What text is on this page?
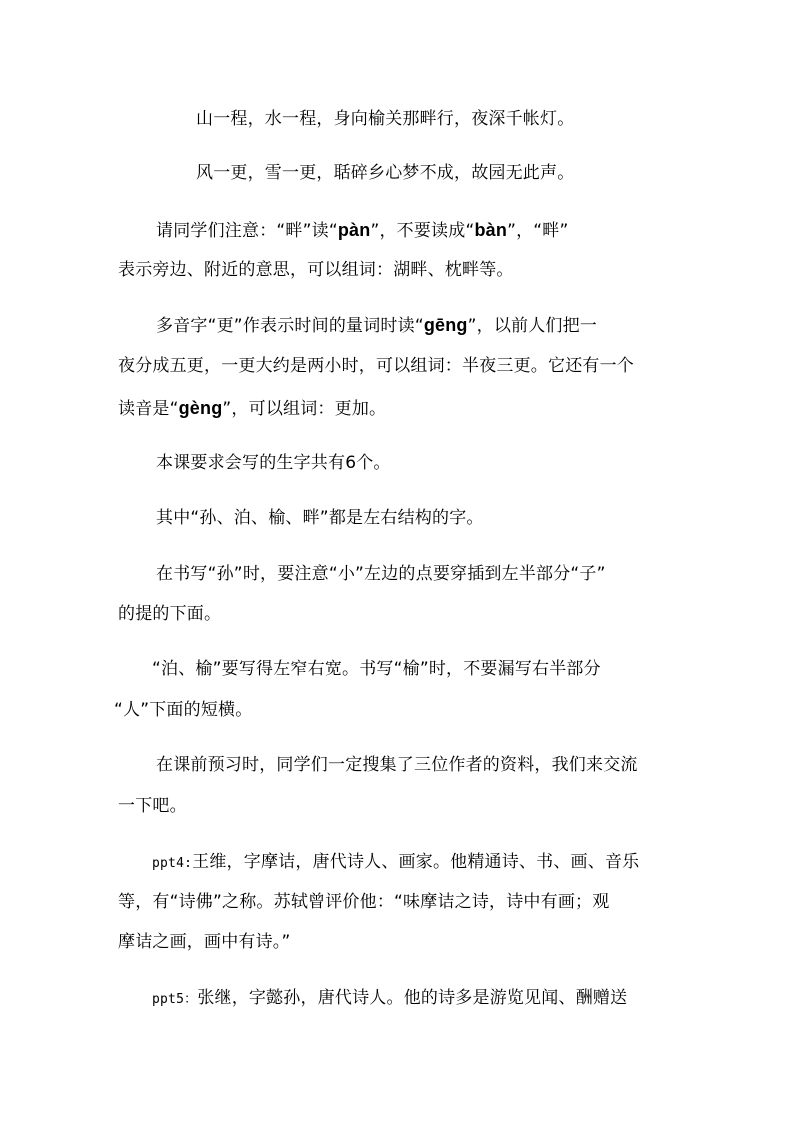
山一程，水一程，身向榆关那畔行，夜深千帐灯。
风一更，雪一更，聒碎乡心梦不成，故园无此声。
请同学们注意：“畔”读“pàn”，不要读成“bàn”，“畔”
表示旁边、附近的意思，可以组词：湖畔、枕畔等。
多音字“更”作表示时间的量词时读“gēng”，以前人们把一
夜分成五更，一更大约是两小时，可以组词：半夜三更。它还有一个
读音是“gèng”，可以组词：更加。
本课要求会写的生字共有6个。
其中“孙、泊、榆、畔”都是左右结构的字。
在书写“孙”时，要注意“小”左边的点要穿插到左半部分“子”
的提的下面。
“泊、榆”要写得左窄右宽。书写“榆”时，不要漏写右半部分
“人”下面的短横。
在课前预习时，同学们一定搜集了三位作者的资料，我们来交流
一下吧。
ppt4:王维，字摩诘，唐代诗人、画家。他精通诗、书、画、音乐
等，有“诗佛”之称。苏轼曾评价他：“味摩诘之诗，诗中有画；观
摩诘之画，画中有诗。”
ppt5：张继，字懿孙，唐代诗人。他的诗多是游览见闻、酬赠送
